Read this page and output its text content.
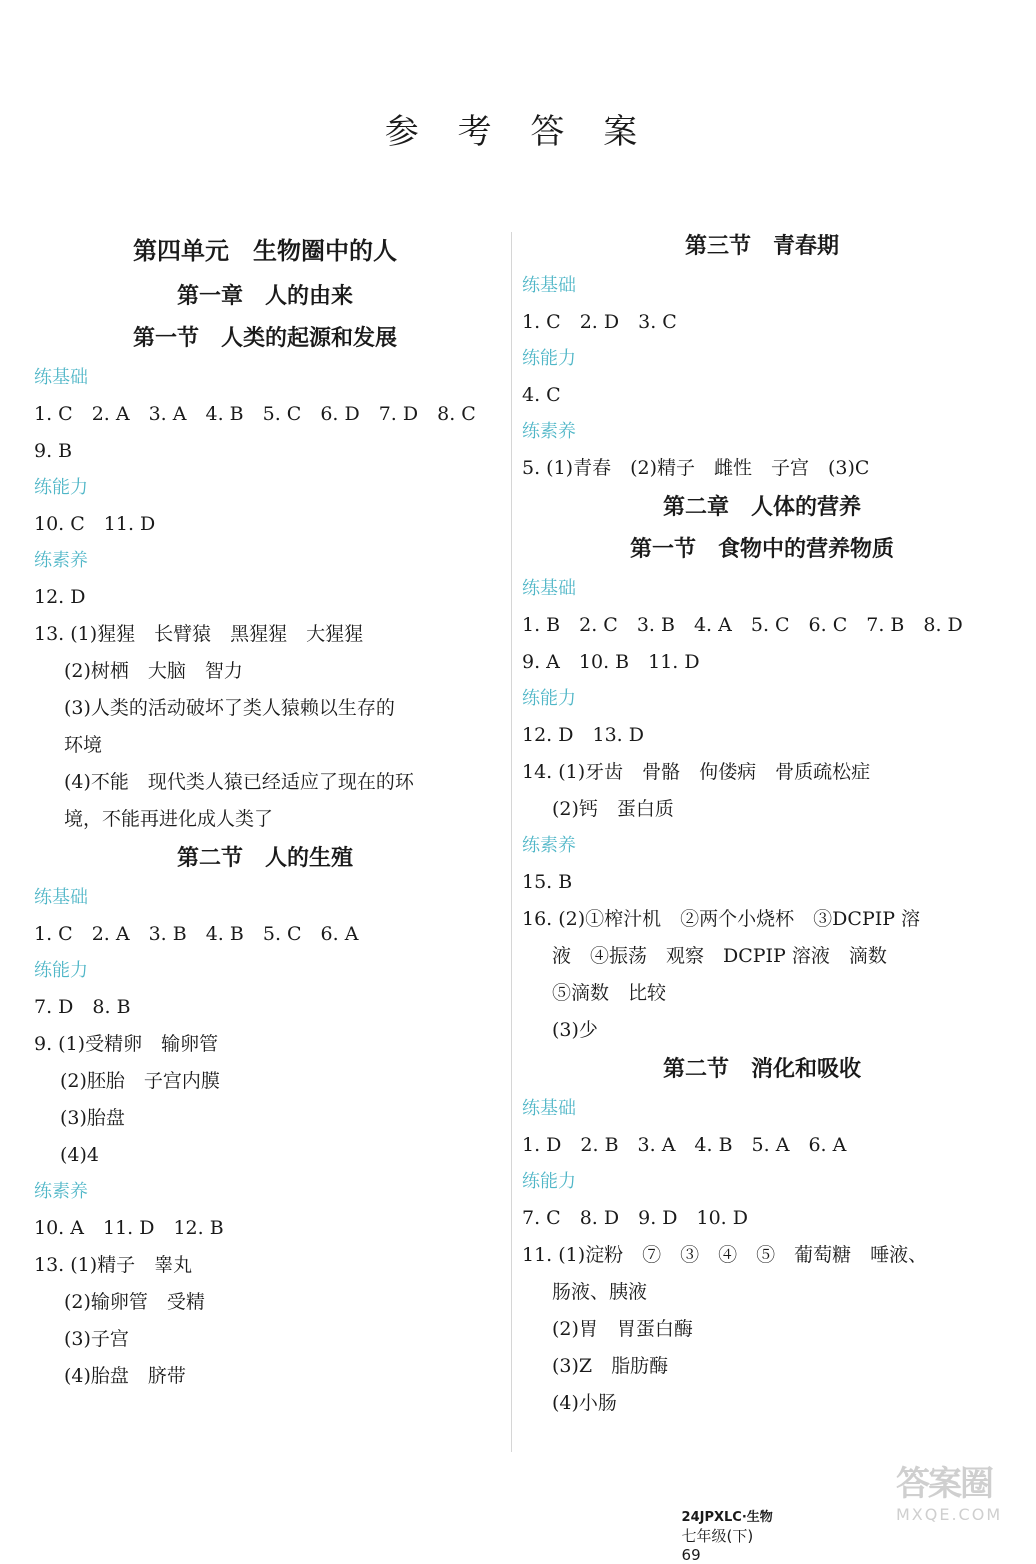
参 考 答 案
第四单元　生物圈中的人
第一章　人的由来
第一节　人类的起源和发展
练基础
1. C　2. A　3. A　4. B　5. C　6. D　7. D　8. C
9. B
练能力
10. C　11. D
练素养
12. D
13. (1)猩猩　长臂猿　黑猩猩　大猩猩
(2)树栖　大脑　智力
(3)人类的活动破坏了类人猿赖以生存的
环境
(4)不能　现代类人猿已经适应了现在的环
境，不能再进化成人类了
第二节　人的生殖
练基础
1. C　2. A　3. B　4. B　5. C　6. A
练能力
7. D　8. B
9. (1)受精卵　输卵管
(2)胚胎　子宫内膜
(3)胎盘
(4)4
练素养
10. A　11. D　12. B
13. (1)精子　睾丸
(2)输卵管　受精
(3)子宫
(4)胎盘　脐带
第三节　青春期
练基础
1. C　2. D　3. C
练能力
4. C
练素养
5. (1)青春　(2)精子　雌性　子宫　(3)C
第二章　人体的营养
第一节　食物中的营养物质
练基础
1. B　2. C　3. B　4. A　5. C　6. C　7. B　8. D
9. A　10. B　11. D
练能力
12. D　13. D
14. (1)牙齿　骨骼　佝偻病　骨质疏松症
(2)钙　蛋白质
练素养
15. B
16. (2)①榨汁机　②两个小烧杯　③DCPIP 溶
液　④振荡　观察　DCPIP 溶液　滴数
⑤滴数　比较
(3)少
第二节　消化和吸收
练基础
1. D　2. B　3. A　4. B　5. A　6. A
练能力
7. C　8. D　9. D　10. D
11. (1)淀粉　⑦　③　④　⑤　葡萄糖　唾液、
肠液、胰液
(2)胃　胃蛋白酶
(3)Z　脂肪酶
(4)小肠

24JPXLC·生物
七年级(下)
69

答案圈
MXQE.COM
